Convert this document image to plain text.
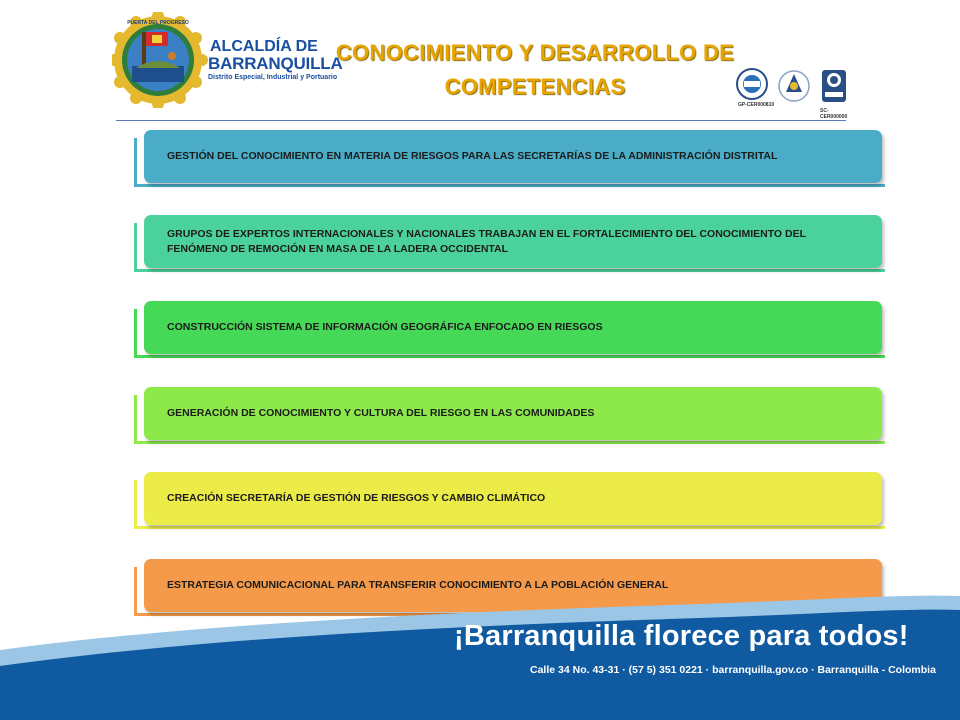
PUERTA DEL PROGRESO
ALCALDÍA DE
BARRANQUILLA
Distrito Especial, Industrial y Portuario
CONOCIMIENTO Y DESARROLLO DE
COMPETENCIAS
GP-CER000810
SC-CER000000
GESTIÓN DEL CONOCIMIENTO EN MATERIA DE RIESGOS PARA LAS SECRETARÍAS DE LA ADMINISTRACIÓN DISTRITAL
GRUPOS DE EXPERTOS INTERNACIONALES Y NACIONALES TRABAJAN EN EL FORTALECIMIENTO DEL CONOCIMIENTO DEL FENÓMENO DE REMOCIÓN EN MASA DE LA LADERA OCCIDENTAL
CONSTRUCCIÓN SISTEMA DE INFORMACIÓN GEOGRÁFICA ENFOCADO EN RIESGOS
GENERACIÓN DE CONOCIMIENTO Y CULTURA DEL RIESGO EN LAS COMUNIDADES
CREACIÓN SECRETARÍA DE GESTIÓN DE RIESGOS Y CAMBIO CLIMÁTICO
ESTRATEGIA COMUNICACIONAL PARA TRANSFERIR CONOCIMIENTO A LA POBLACIÓN GENERAL
¡Barranquilla florece para todos!
Calle 34 No. 43-31 · (57 5) 351 0221 · barranquilla.gov.co · Barranquilla - Colombia
